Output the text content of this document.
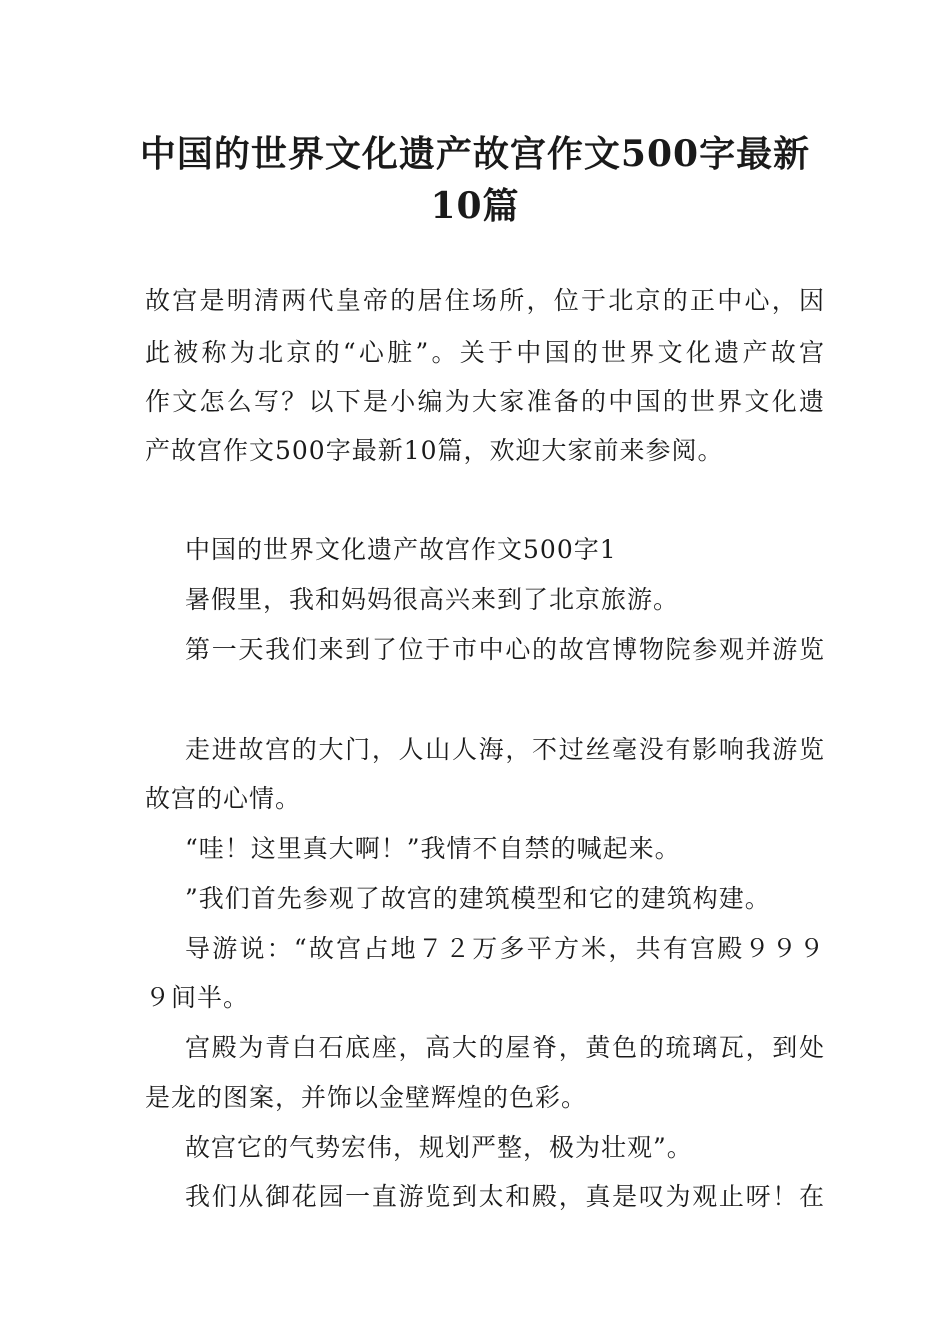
中国的世界文化遗产故宫作文500字最新
10篇
故宫是明清两代皇帝的居住场所，位于北京的正中心，因
此被称为北京的“心脏”。关于中国的世界文化遗产故宫
作文怎么写？以下是小编为大家准备的中国的世界文化遗
产故宫作文500字最新10篇，欢迎大家前来参阅。
中国的世界文化遗产故宫作文500字1
暑假里，我和妈妈很高兴来到了北京旅游。
第一天我们来到了位于市中心的故宫博物院参观并游览
走进故宫的大门，人山人海，不过丝毫没有影响我游览
故宫的心情。
“哇！这里真大啊！”我情不自禁的喊起来。
”我们首先参观了故宫的建筑模型和它的建筑构建。
导游说：“故宫占地７２万多平方米，共有宫殿９９９
９间半。
宫殿为青白石底座，高大的屋脊，黄色的琉璃瓦，到处
是龙的图案，并饰以金壁辉煌的色彩。
故宫它的气势宏伟，规划严整，极为壮观”。
我们从御花园一直游览到太和殿，真是叹为观止呀！在
